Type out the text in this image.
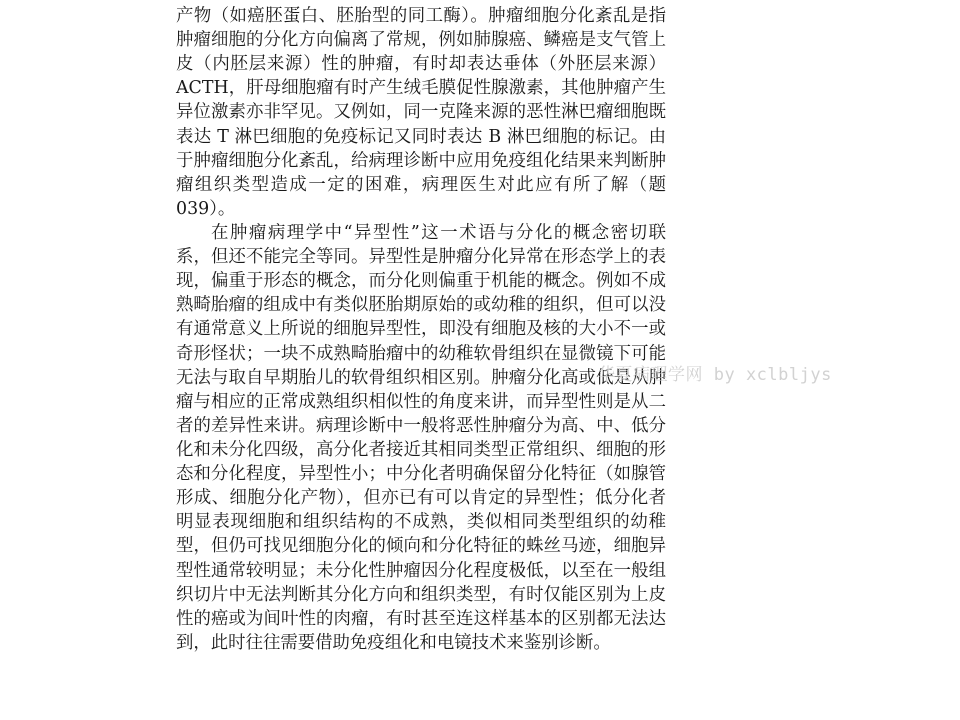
产物（如癌胚蛋白、胚胎型的同工酶）。肿瘤细胞分化紊乱是指
肿瘤细胞的分化方向偏离了常规，例如肺腺癌、鳞癌是支气管上
皮（内胚层来源）性的肿瘤，有时却表达垂体（外胚层来源）
ACTH，肝母细胞瘤有时产生绒毛膜促性腺激素，其他肿瘤产生
异位激素亦非罕见。又例如，同一克隆来源的恶性淋巴瘤细胞既
表达 T 淋巴细胞的免疫标记又同时表达 B 淋巴细胞的标记。由
于肿瘤细胞分化紊乱，给病理诊断中应用免疫组化结果来判断肿
瘤组织类型造成一定的困难，病理医生对此应有所了解（题
039）。
在肿瘤病理学中“异型性”这一术语与分化的概念密切联
系，但还不能完全等同。异型性是肿瘤分化异常在形态学上的表
现，偏重于形态的概念，而分化则偏重于机能的概念。例如不成
熟畸胎瘤的组成中有类似胚胎期原始的或幼稚的组织，但可以没
有通常意义上所说的细胞异型性，即没有细胞及核的大小不一或
奇形怪状；一块不成熟畸胎瘤中的幼稚软骨组织在显微镜下可能
无法与取自早期胎儿的软骨组织相区别。肿瘤分化高或低是从肿
瘤与相应的正常成熟组织相似性的角度来讲，而异型性则是从二
者的差异性来讲。病理诊断中一般将恶性肿瘤分为高、中、低分
化和未分化四级，高分化者接近其相同类型正常组织、细胞的形
态和分化程度，异型性小；中分化者明确保留分化特征（如腺管
形成、细胞分化产物），但亦已有可以肯定的异型性；低分化者
明显表现细胞和组织结构的不成熟，类似相同类型组织的幼稚
型，但仍可找见细胞分化的倾向和分化特征的蛛丝马迹，细胞异
型性通常较明显；未分化性肿瘤因分化程度极低，以至在一般组
织切片中无法判断其分化方向和组织类型，有时仅能区别为上皮
性的癌或为间叶性的肉瘤，有时甚至连这样基本的区别都无法达
到，此时往往需要借助免疫组化和电镜技术来鉴别诊断。
华夏病理学网 by xclbljys
